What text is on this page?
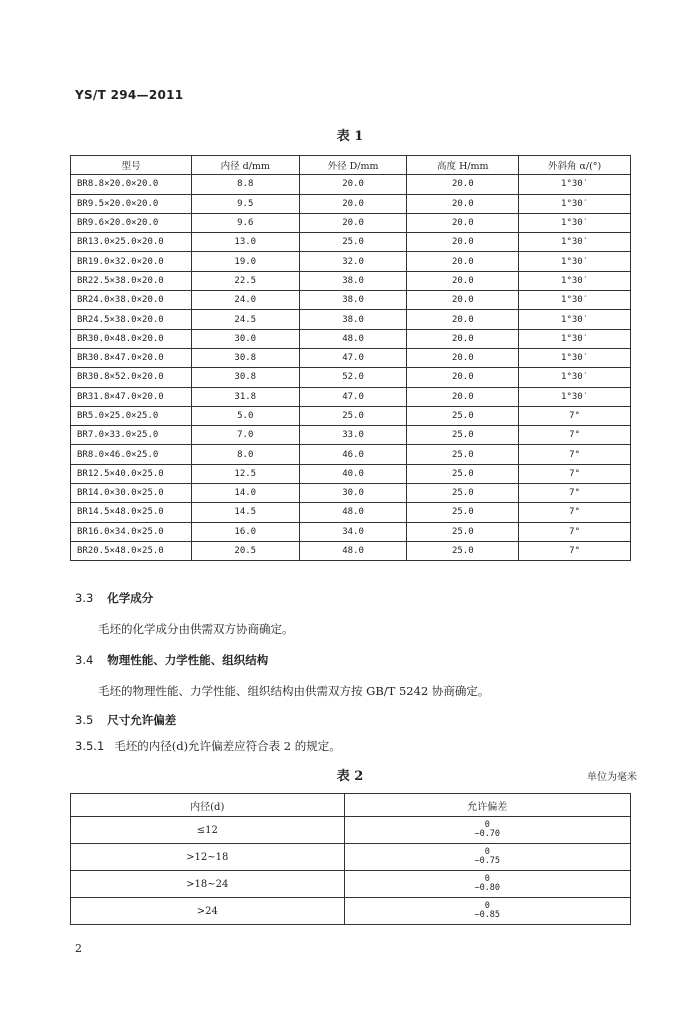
YS/T 294—2011
表 1
型号	内径 d/mm	外径 D/mm	高度 H/mm	外斜角 α/(°)
BR8.8×20.0×20.0	8.8	20.0	20.0	1°30′
BR9.5×20.0×20.0	9.5	20.0	20.0	1°30′
BR9.6×20.0×20.0	9.6	20.0	20.0	1°30′
BR13.0×25.0×20.0	13.0	25.0	20.0	1°30′
BR19.0×32.0×20.0	19.0	32.0	20.0	1°30′
BR22.5×38.0×20.0	22.5	38.0	20.0	1°30′
BR24.0×38.0×20.0	24.0	38.0	20.0	1°30′
BR24.5×38.0×20.0	24.5	38.0	20.0	1°30′
BR30.0×48.0×20.0	30.0	48.0	20.0	1°30′
BR30.8×47.0×20.0	30.8	47.0	20.0	1°30′
BR30.8×52.0×20.0	30.8	52.0	20.0	1°30′
BR31.8×47.0×20.0	31.8	47.0	20.0	1°30′
BR5.0×25.0×25.0	5.0	25.0	25.0	7°
BR7.0×33.0×25.0	7.0	33.0	25.0	7°
BR8.0×46.0×25.0	8.0	46.0	25.0	7°
BR12.5×40.0×25.0	12.5	40.0	25.0	7°
BR14.0×30.0×25.0	14.0	30.0	25.0	7°
BR14.5×48.0×25.0	14.5	48.0	25.0	7°
BR16.0×34.0×25.0	16.0	34.0	25.0	7°
BR20.5×48.0×25.0	20.5	48.0	25.0	7°
3.3 化学成分
毛坯的化学成分由供需双方协商确定。
3.4 物理性能、力学性能、组织结构
毛坯的物理性能、力学性能、组织结构由供需双方按 GB/T 5242 协商确定。
3.5 尺寸允许偏差
3.5.1 毛坯的内径(d)允许偏差应符合表 2 的规定。
表 2	单位为毫米
内径(d)	允许偏差
≤12	0
−0.70

>12~18	0
−0.75

>18~24	0
−0.80

>24	0
−0.85
2
